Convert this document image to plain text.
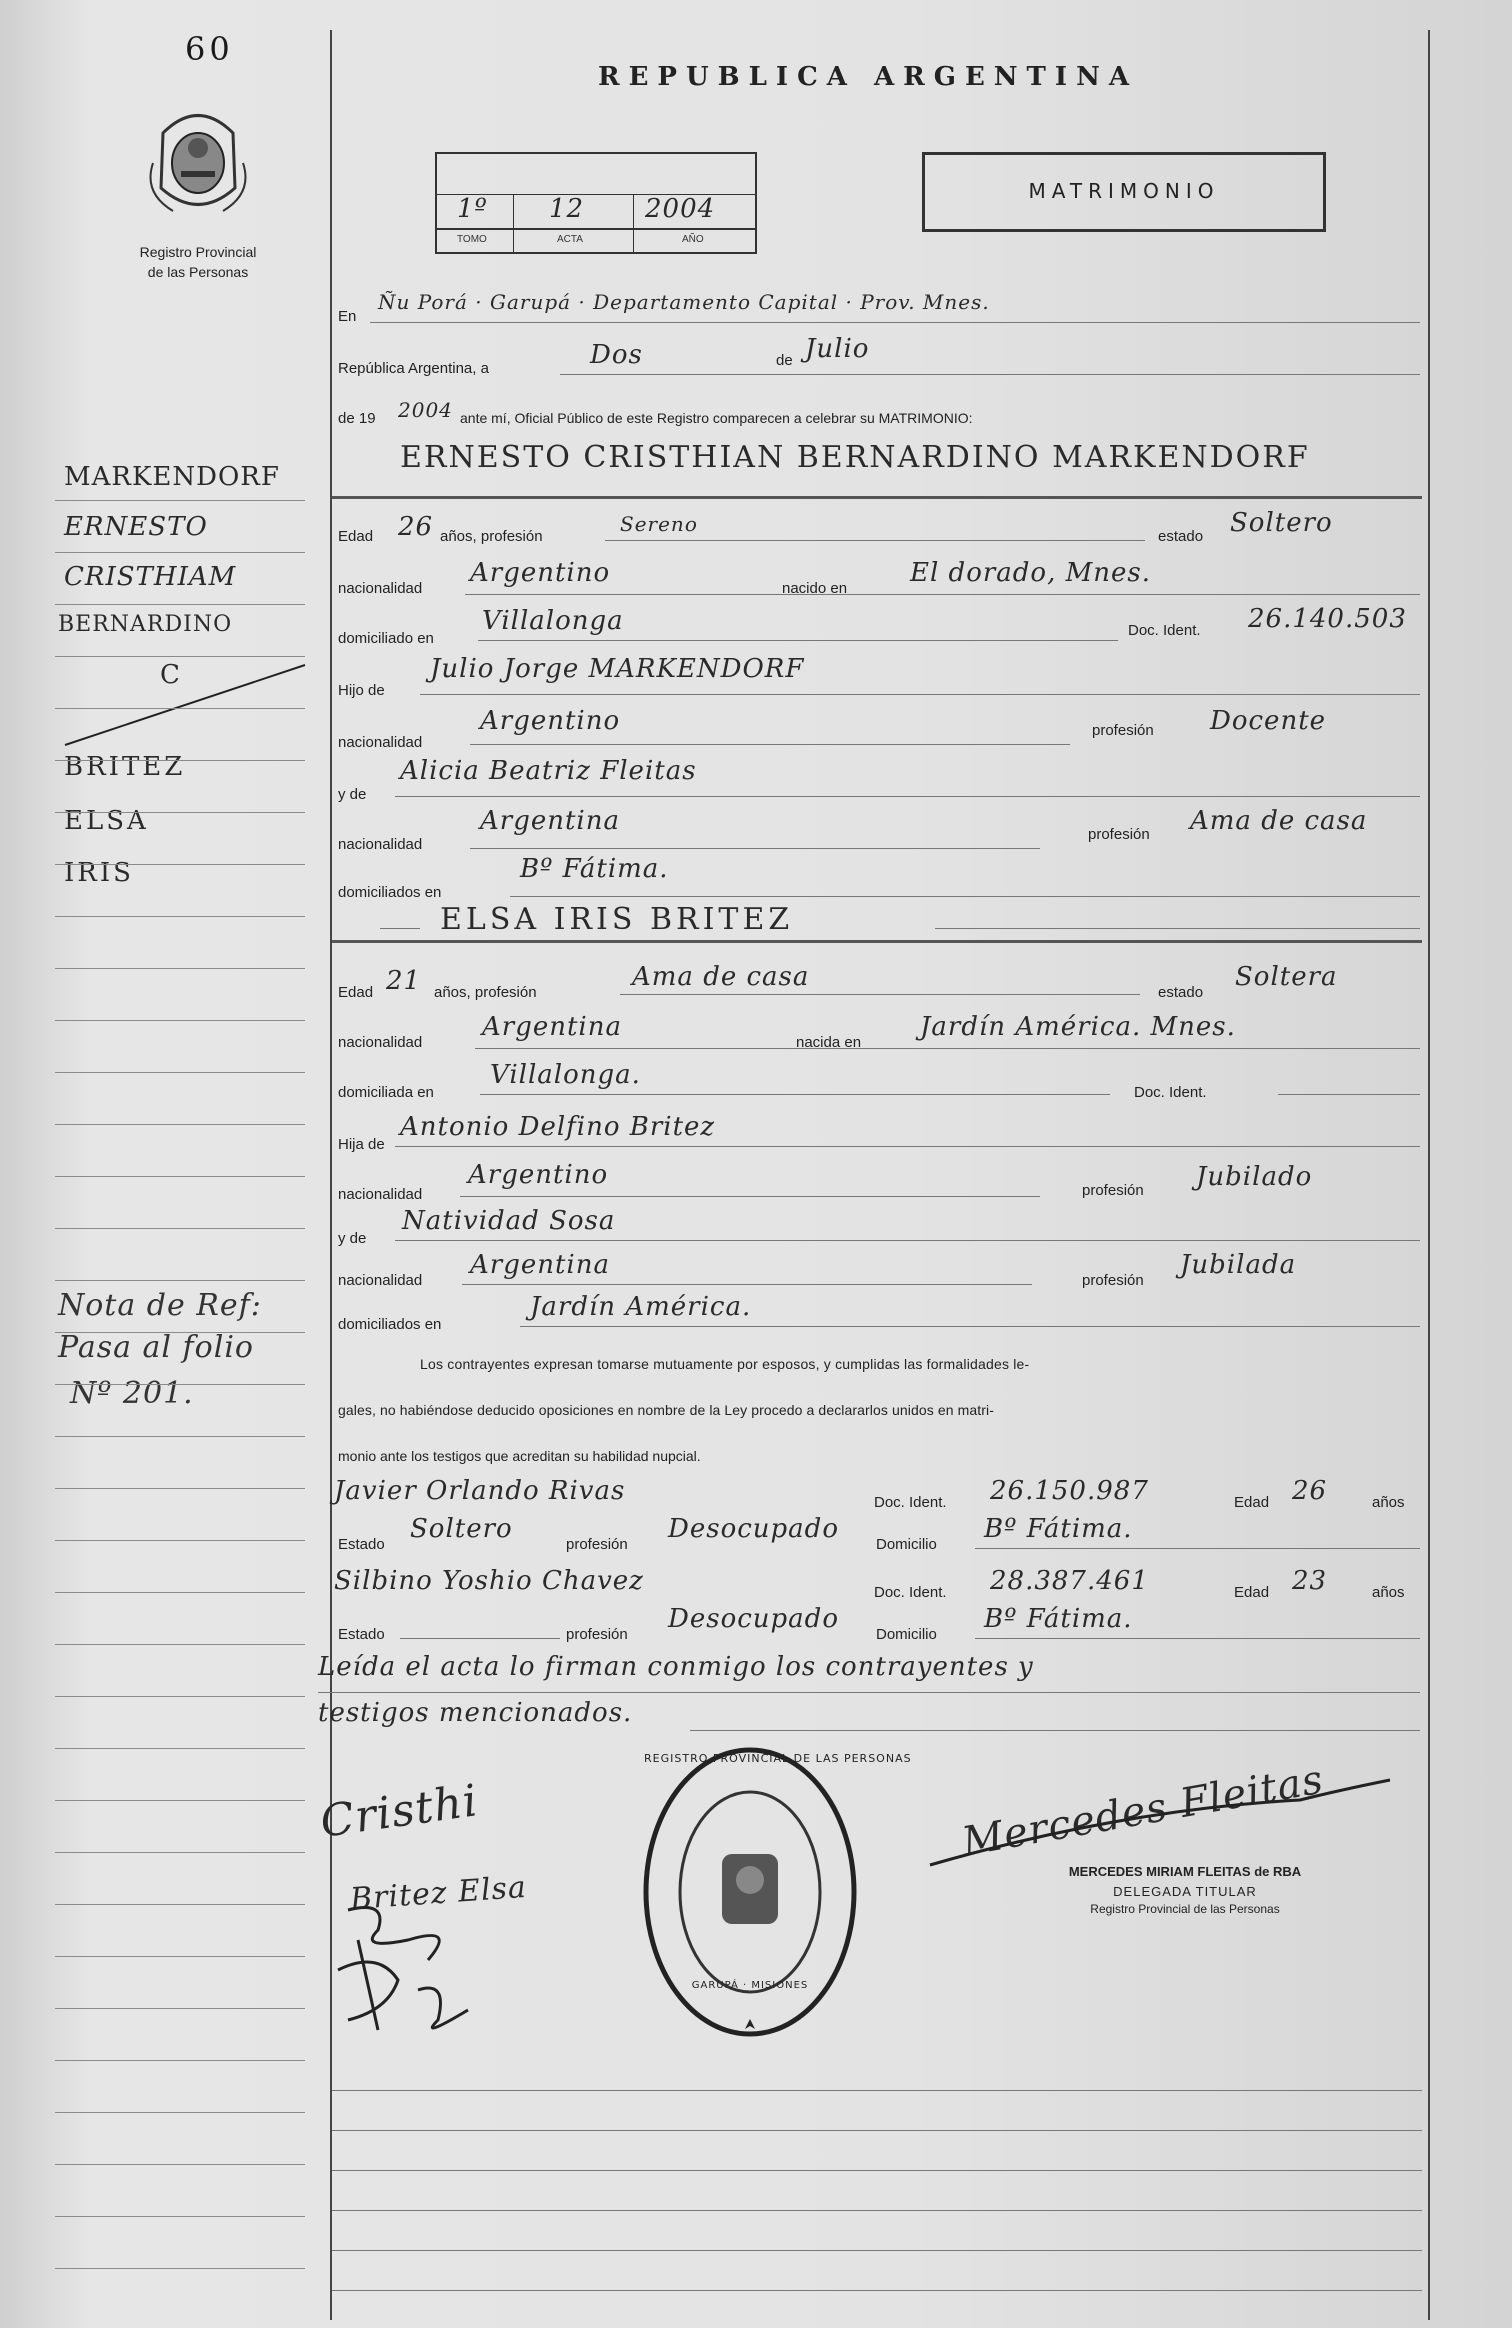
60
Registro Provincial
de las Personas
REPUBLICA ARGENTINA
1º 12 2004
TOMO	ACTA	AÑO
MATRIMONIO
En
Ñu Porá · Garupá · Departamento Capital · Prov. Mnes.
República Argentina, a	Dos	de Julio
de 19 2004 ante mí, Oficial Público de este Registro comparecen a celebrar su MATRIMONIO:
ERNESTO CRISTHIAN BERNARDINO MARKENDORF
Edad 26 años, profesión
Sereno
estado Soltero
nacionalidad
Argentino
nacido en
El dorado, Mnes.
domiciliado en
Villalonga	Doc. Ident. 26.140.503
Hijo de
Julio Jorge MARKENDORF
nacionalidad
Argentino	profesión Docente
y de
Alicia Beatriz Fleitas
nacionalidad
Argentina	profesión Ama de casa
domiciliados en
Bº Fátima.
ELSA IRIS BRITEZ
Edad 21 años, profesión
Ama de casa
estado
Soltera
nacionalidad
Argentina
nacida en
Jardín América. Mnes.
domiciliada en
Villalonga.
Doc. Ident.
Hija de
Antonio Delfino Britez
nacionalidad
Argentino
profesión Jubilado
y de
Natividad Sosa
nacionalidad
Argentina
profesión
Jubilada
domiciliados en
Jardín América.
Los contrayentes expresan tomarse mutuamente por esposos, y cumplidas las formalidades le-
gales, no habiéndose deducido oposiciones en nombre de la Ley procedo a declararlos unidos en matri-
monio ante los testigos que acreditan su habilidad nupcial.
Javier Orlando Rivas	Doc. Ident. 26.150.987	Edad 26	años
Estado
Soltero
profesión
Desocupado
Domicilio
Bº Fátima.
Silbino Yoshio Chavez	Doc. Ident. 28.387.461	Edad 23	años
Estado	profesión
Desocupado
Domicilio
Bº Fátima.
Leída el acta lo firman conmigo los contrayentes y
testigos mencionados.
Cristhi
Britez Elsa
REGISTRO PROVINCIAL DE LAS PERSONAS
GARUPÁ · MISIONES
Mercedes Fleitas
MERCEDES MIRIAM FLEITAS de RBA
DELEGADA TITULAR
Registro Provincial de las Personas
MARKENDORF
ERNESTO
CRISTHIAM
BERNARDINO
C
BRITEZ
ELSA
IRIS
Nota de Ref:
Pasa al folio
Nº 201.
